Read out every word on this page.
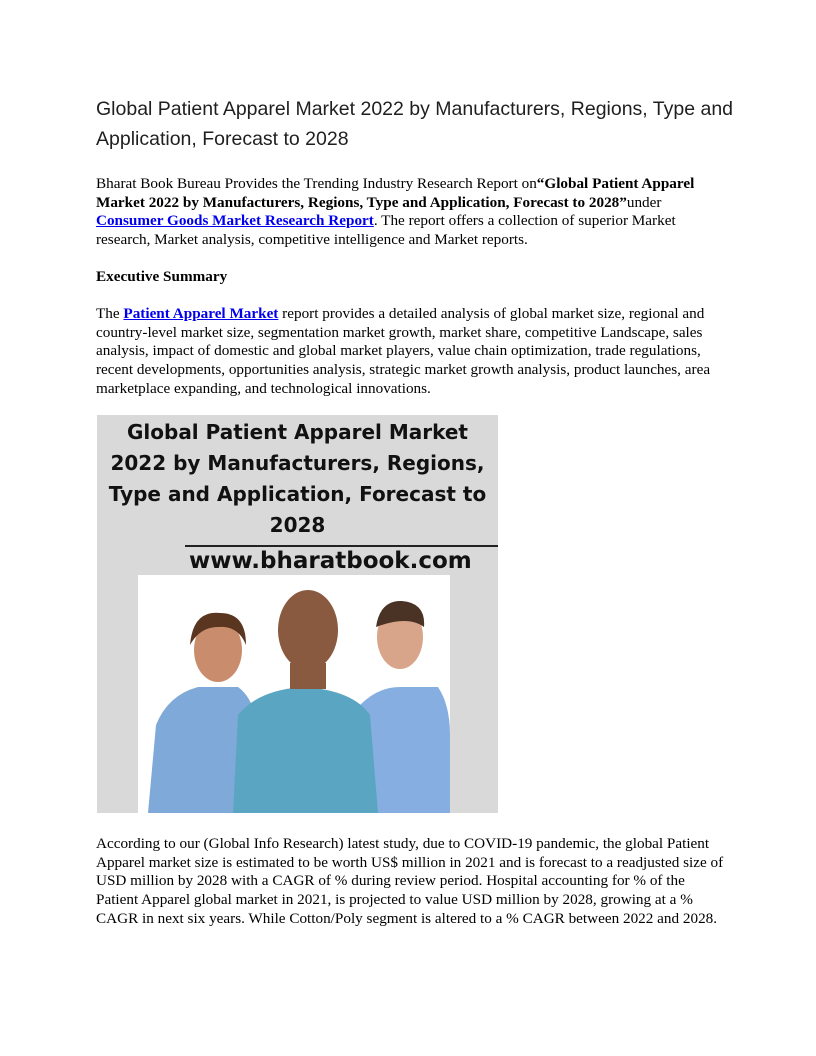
Global Patient Apparel Market 2022 by Manufacturers, Regions, Type and Application, Forecast to 2028

Bharat Book Bureau Provides the Trending Industry Research Report on“Global Patient Apparel Market 2022 by Manufacturers, Regions, Type and Application, Forecast to 2028”under Consumer Goods Market Research Report. The report offers a collection of superior Market research, Market analysis, competitive intelligence and Market reports.

Executive Summary

The Patient Apparel Market report provides a detailed analysis of global market size, regional and country-level market size, segmentation market growth, market share, competitive Landscape, sales analysis, impact of domestic and global market players, value chain optimization, trade regulations, recent developments, opportunities analysis, strategic market growth analysis, product launches, area marketplace expanding, and technological innovations.

Global Patient Apparel Market 2022 by Manufacturers, Regions, Type and Application, Forecast to 2028
www.bharatbook.com

According to our (Global Info Research) latest study, due to COVID-19 pandemic, the global Patient Apparel market size is estimated to be worth US$ million in 2021 and is forecast to a readjusted size of USD million by 2028 with a CAGR of % during review period. Hospital accounting for % of the Patient Apparel global market in 2021, is projected to value USD million by 2028, growing at a % CAGR in next six years. While Cotton/Poly segment is altered to a % CAGR between 2022 and 2028.
